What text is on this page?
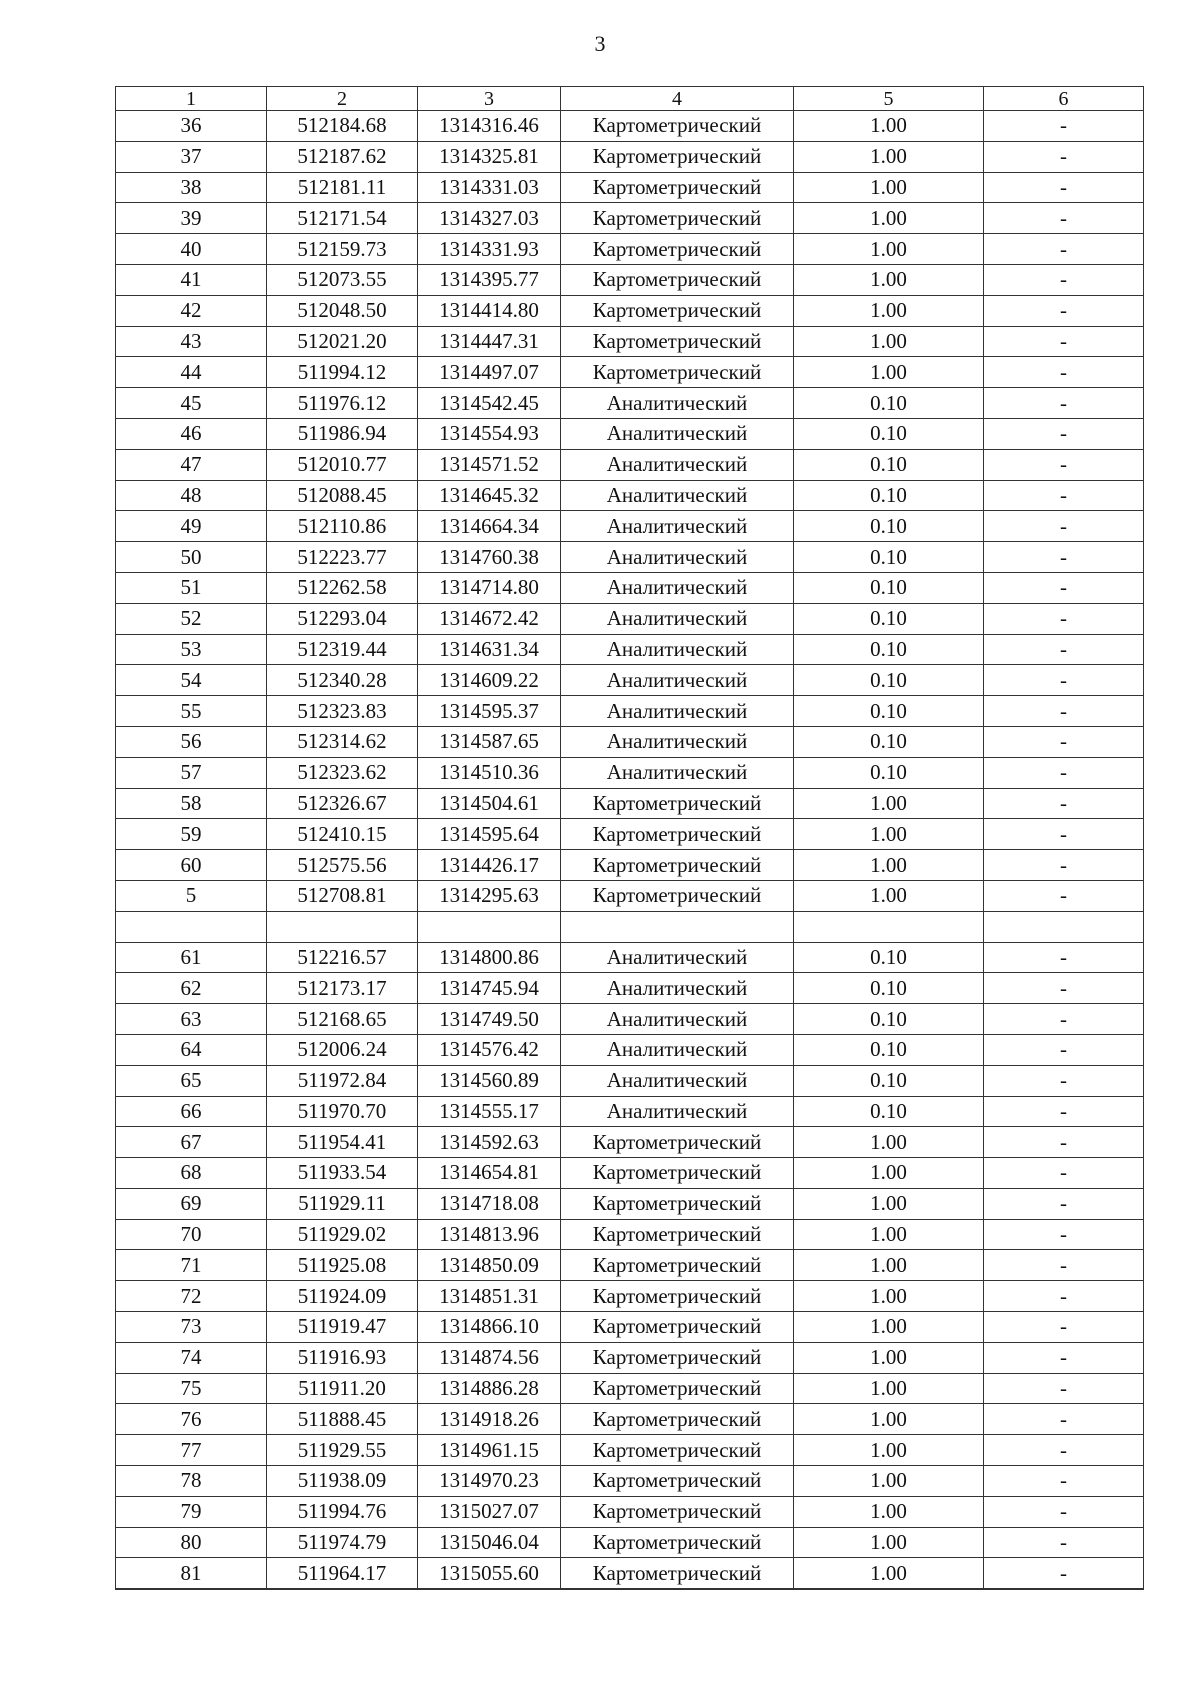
3
1	2	3	4	5	6
36	512184.68	1314316.46	Картометрический	1.00	-
37	512187.62	1314325.81	Картометрический	1.00	-
38	512181.11	1314331.03	Картометрический	1.00	-
39	512171.54	1314327.03	Картометрический	1.00	-
40	512159.73	1314331.93	Картометрический	1.00	-
41	512073.55	1314395.77	Картометрический	1.00	-
42	512048.50	1314414.80	Картометрический	1.00	-
43	512021.20	1314447.31	Картометрический	1.00	-
44	511994.12	1314497.07	Картометрический	1.00	-
45	511976.12	1314542.45	Аналитический	0.10	-
46	511986.94	1314554.93	Аналитический	0.10	-
47	512010.77	1314571.52	Аналитический	0.10	-
48	512088.45	1314645.32	Аналитический	0.10	-
49	512110.86	1314664.34	Аналитический	0.10	-
50	512223.77	1314760.38	Аналитический	0.10	-
51	512262.58	1314714.80	Аналитический	0.10	-
52	512293.04	1314672.42	Аналитический	0.10	-
53	512319.44	1314631.34	Аналитический	0.10	-
54	512340.28	1314609.22	Аналитический	0.10	-
55	512323.83	1314595.37	Аналитический	0.10	-
56	512314.62	1314587.65	Аналитический	0.10	-
57	512323.62	1314510.36	Аналитический	0.10	-
58	512326.67	1314504.61	Картометрический	1.00	-
59	512410.15	1314595.64	Картометрический	1.00	-
60	512575.56	1314426.17	Картометрический	1.00	-
5	512708.81	1314295.63	Картометрический	1.00	-

61	512216.57	1314800.86	Аналитический	0.10	-
62	512173.17	1314745.94	Аналитический	0.10	-
63	512168.65	1314749.50	Аналитический	0.10	-
64	512006.24	1314576.42	Аналитический	0.10	-
65	511972.84	1314560.89	Аналитический	0.10	-
66	511970.70	1314555.17	Аналитический	0.10	-
67	511954.41	1314592.63	Картометрический	1.00	-
68	511933.54	1314654.81	Картометрический	1.00	-
69	511929.11	1314718.08	Картометрический	1.00	-
70	511929.02	1314813.96	Картометрический	1.00	-
71	511925.08	1314850.09	Картометрический	1.00	-
72	511924.09	1314851.31	Картометрический	1.00	-
73	511919.47	1314866.10	Картометрический	1.00	-
74	511916.93	1314874.56	Картометрический	1.00	-
75	511911.20	1314886.28	Картометрический	1.00	-
76	511888.45	1314918.26	Картометрический	1.00	-
77	511929.55	1314961.15	Картометрический	1.00	-
78	511938.09	1314970.23	Картометрический	1.00	-
79	511994.76	1315027.07	Картометрический	1.00	-
80	511974.79	1315046.04	Картометрический	1.00	-
81	511964.17	1315055.60	Картометрический	1.00	-
